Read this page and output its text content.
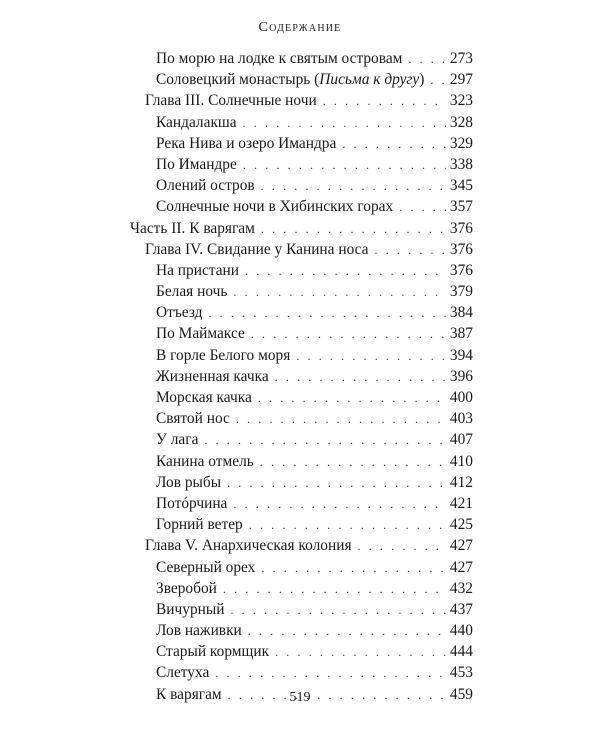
Содержание
По морю на лодке к святым островам . . .	273
Соловецкий монастырь (Письма к другу) . . . 297
Глава III. Солнечные ночи . . .	323
Кандалакша . . .	328
Река Нива и озеро Имандра . . .	329
По Имандре . . .	338
Олений остров . . .	345
Солнечные ночи в Хибинских горах . . .	357
Часть II. К варягам . . .	376
Глава IV. Свидание у Канина носа . . .	376
На пристани . . .	376
Белая ночь . . .	379
Отъезд . . .	384
По Маймаксе . . .	387
В горле Белого моря . . .	394
Жизненная качка . . .	396
Морская качка . . .	400
Святой нос . . .	403
У лага . . .	407
Канина отмель . . .	410
Лов рыбы . . .	412
Потóрчина . . .	421
Горний ветер . . .	425
Глава V. Анархическая колония . . .	427
Северный орех . . .	427
Зверобой . . .	432
Вичурный . . .	437
Лов наживки . . .	440
Старый кормщик . . .	444
Слетуха . . .	453
К варягам . . .	459
519
